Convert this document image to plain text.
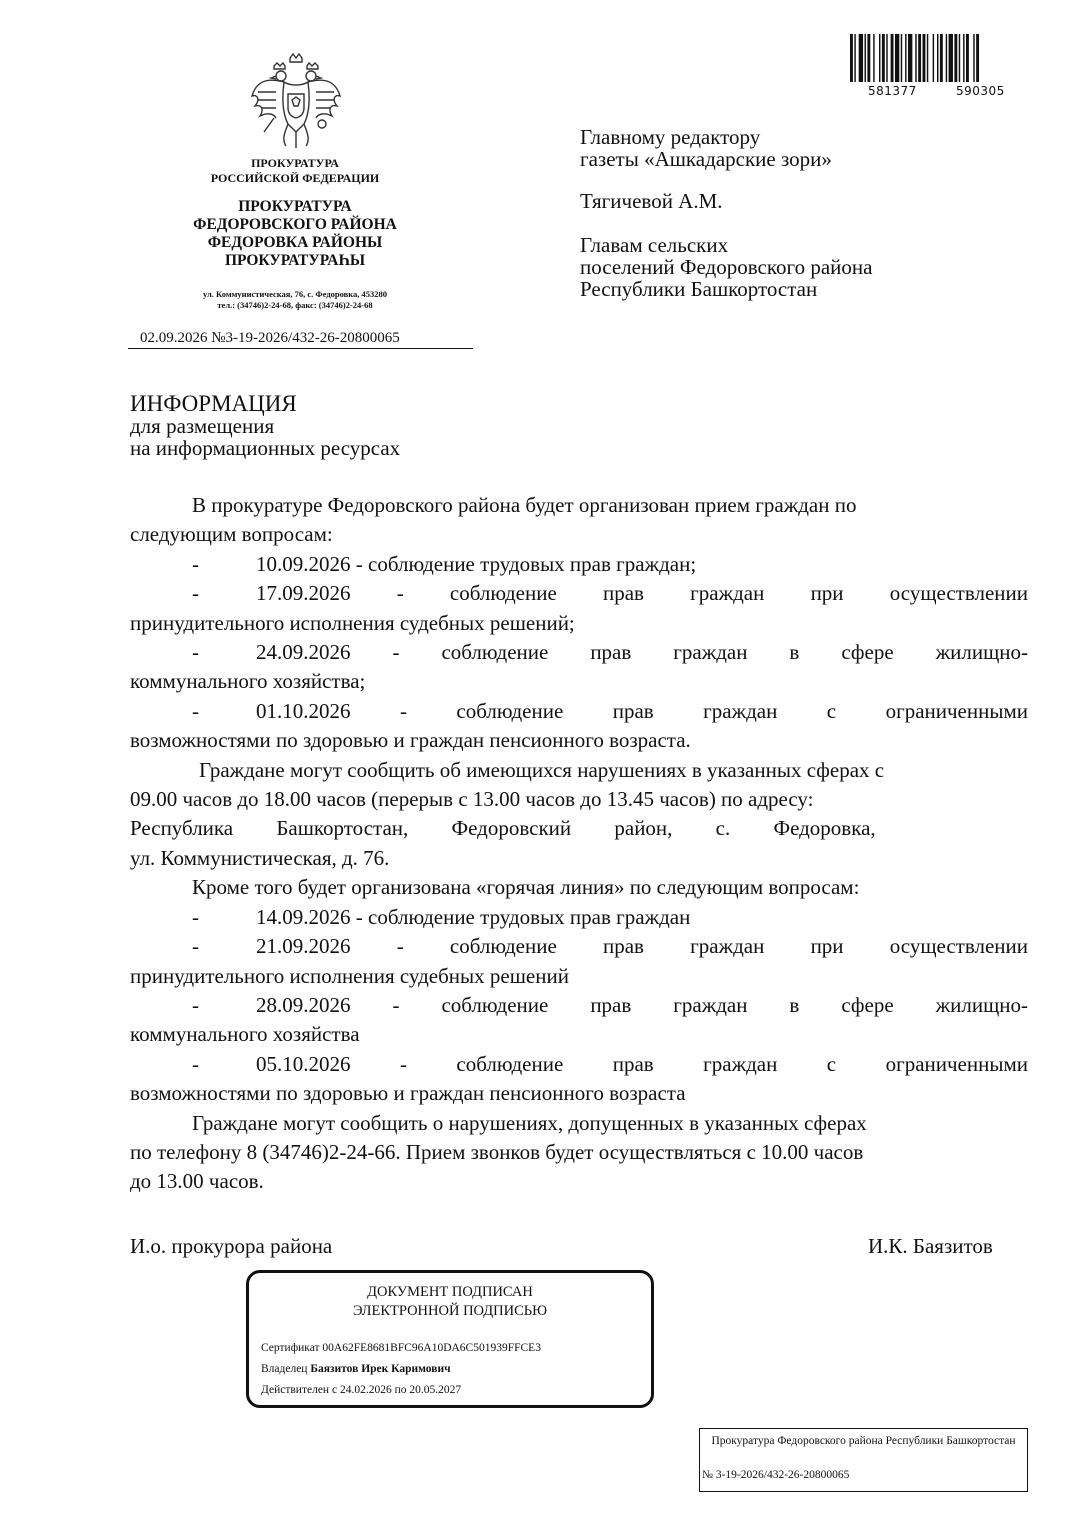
ПРОКУРАТУРА
РОССИЙСКОЙ ФЕДЕРАЦИИ
ПРОКУРАТУРА
ФЕДОРОВСКОГО РАЙОНА
ФЕДОРОВКА РАЙОНЫ
ПРОКУРАТУРАҺЫ
ул. Коммунистическая, 76, с. Федоровка, 453280
тел.: (34746)2-24-68, факс: (34746)2-24-68
02.09.2026 №3-19-2026/432-26-20800065
581377	590305
Главному редактору
газеты «Ашкадарские зори»
Тягичевой А.М.
Главам сельских
поселений Федоровского района
Республики Башкортостан
ИНФОРМАЦИЯ
для размещения
на информационных ресурсах

В прокуратуре Федоровского района будет организован прием граждан по

следующим вопросам:

-	10.09.2026 - соблюдение трудовых прав граждан;

-	17.09.2026 - соблюдение прав граждан при осуществлении

принудительного исполнения судебных решений;

-	24.09.2026 - соблюдение прав граждан в сфере жилищно-

коммунального хозяйства;

-	01.10.2026 - соблюдение прав граждан с ограниченными

возможностями по здоровью и граждан пенсионного возраста.

Граждане могут сообщить об имеющихся нарушениях в указанных сферах с

09.00 часов до 18.00 часов (перерыв с 13.00 часов до 13.45 часов) по адресу:

Республика Башкортостан, Федоровский район, с. Федоровка,

ул. Коммунистическая, д. 76.

Кроме того будет организована «горячая линия» по следующим вопросам:

-	14.09.2026 - соблюдение трудовых прав граждан

-	21.09.2026 - соблюдение прав граждан при осуществлении

принудительного исполнения судебных решений

-	28.09.2026 - соблюдение прав граждан в сфере жилищно-

коммунального хозяйства

-	05.10.2026 - соблюдение прав граждан с ограниченными

возможностями по здоровью и граждан пенсионного возраста

Граждане могут сообщить о нарушениях, допущенных в указанных сферах

по телефону 8 (34746)2-24-66. Прием звонков будет осуществляться с 10.00 часов

до 13.00 часов.

И.о. прокурора района	И.К. Баязитов
ДОКУМЕНТ ПОДПИСАН
ЭЛЕКТРОННОЙ ПОДПИСЬЮ
Сертификат 00A62FE8681BFC96A10DA6C501939FFCE3
Владелец Баязитов Ирек Каримович
Действителен с 24.02.2026 по 20.05.2027
Прокуратура Федоровского района Республики Башкортостан
№ 3-19-2026/432-26-20800065
